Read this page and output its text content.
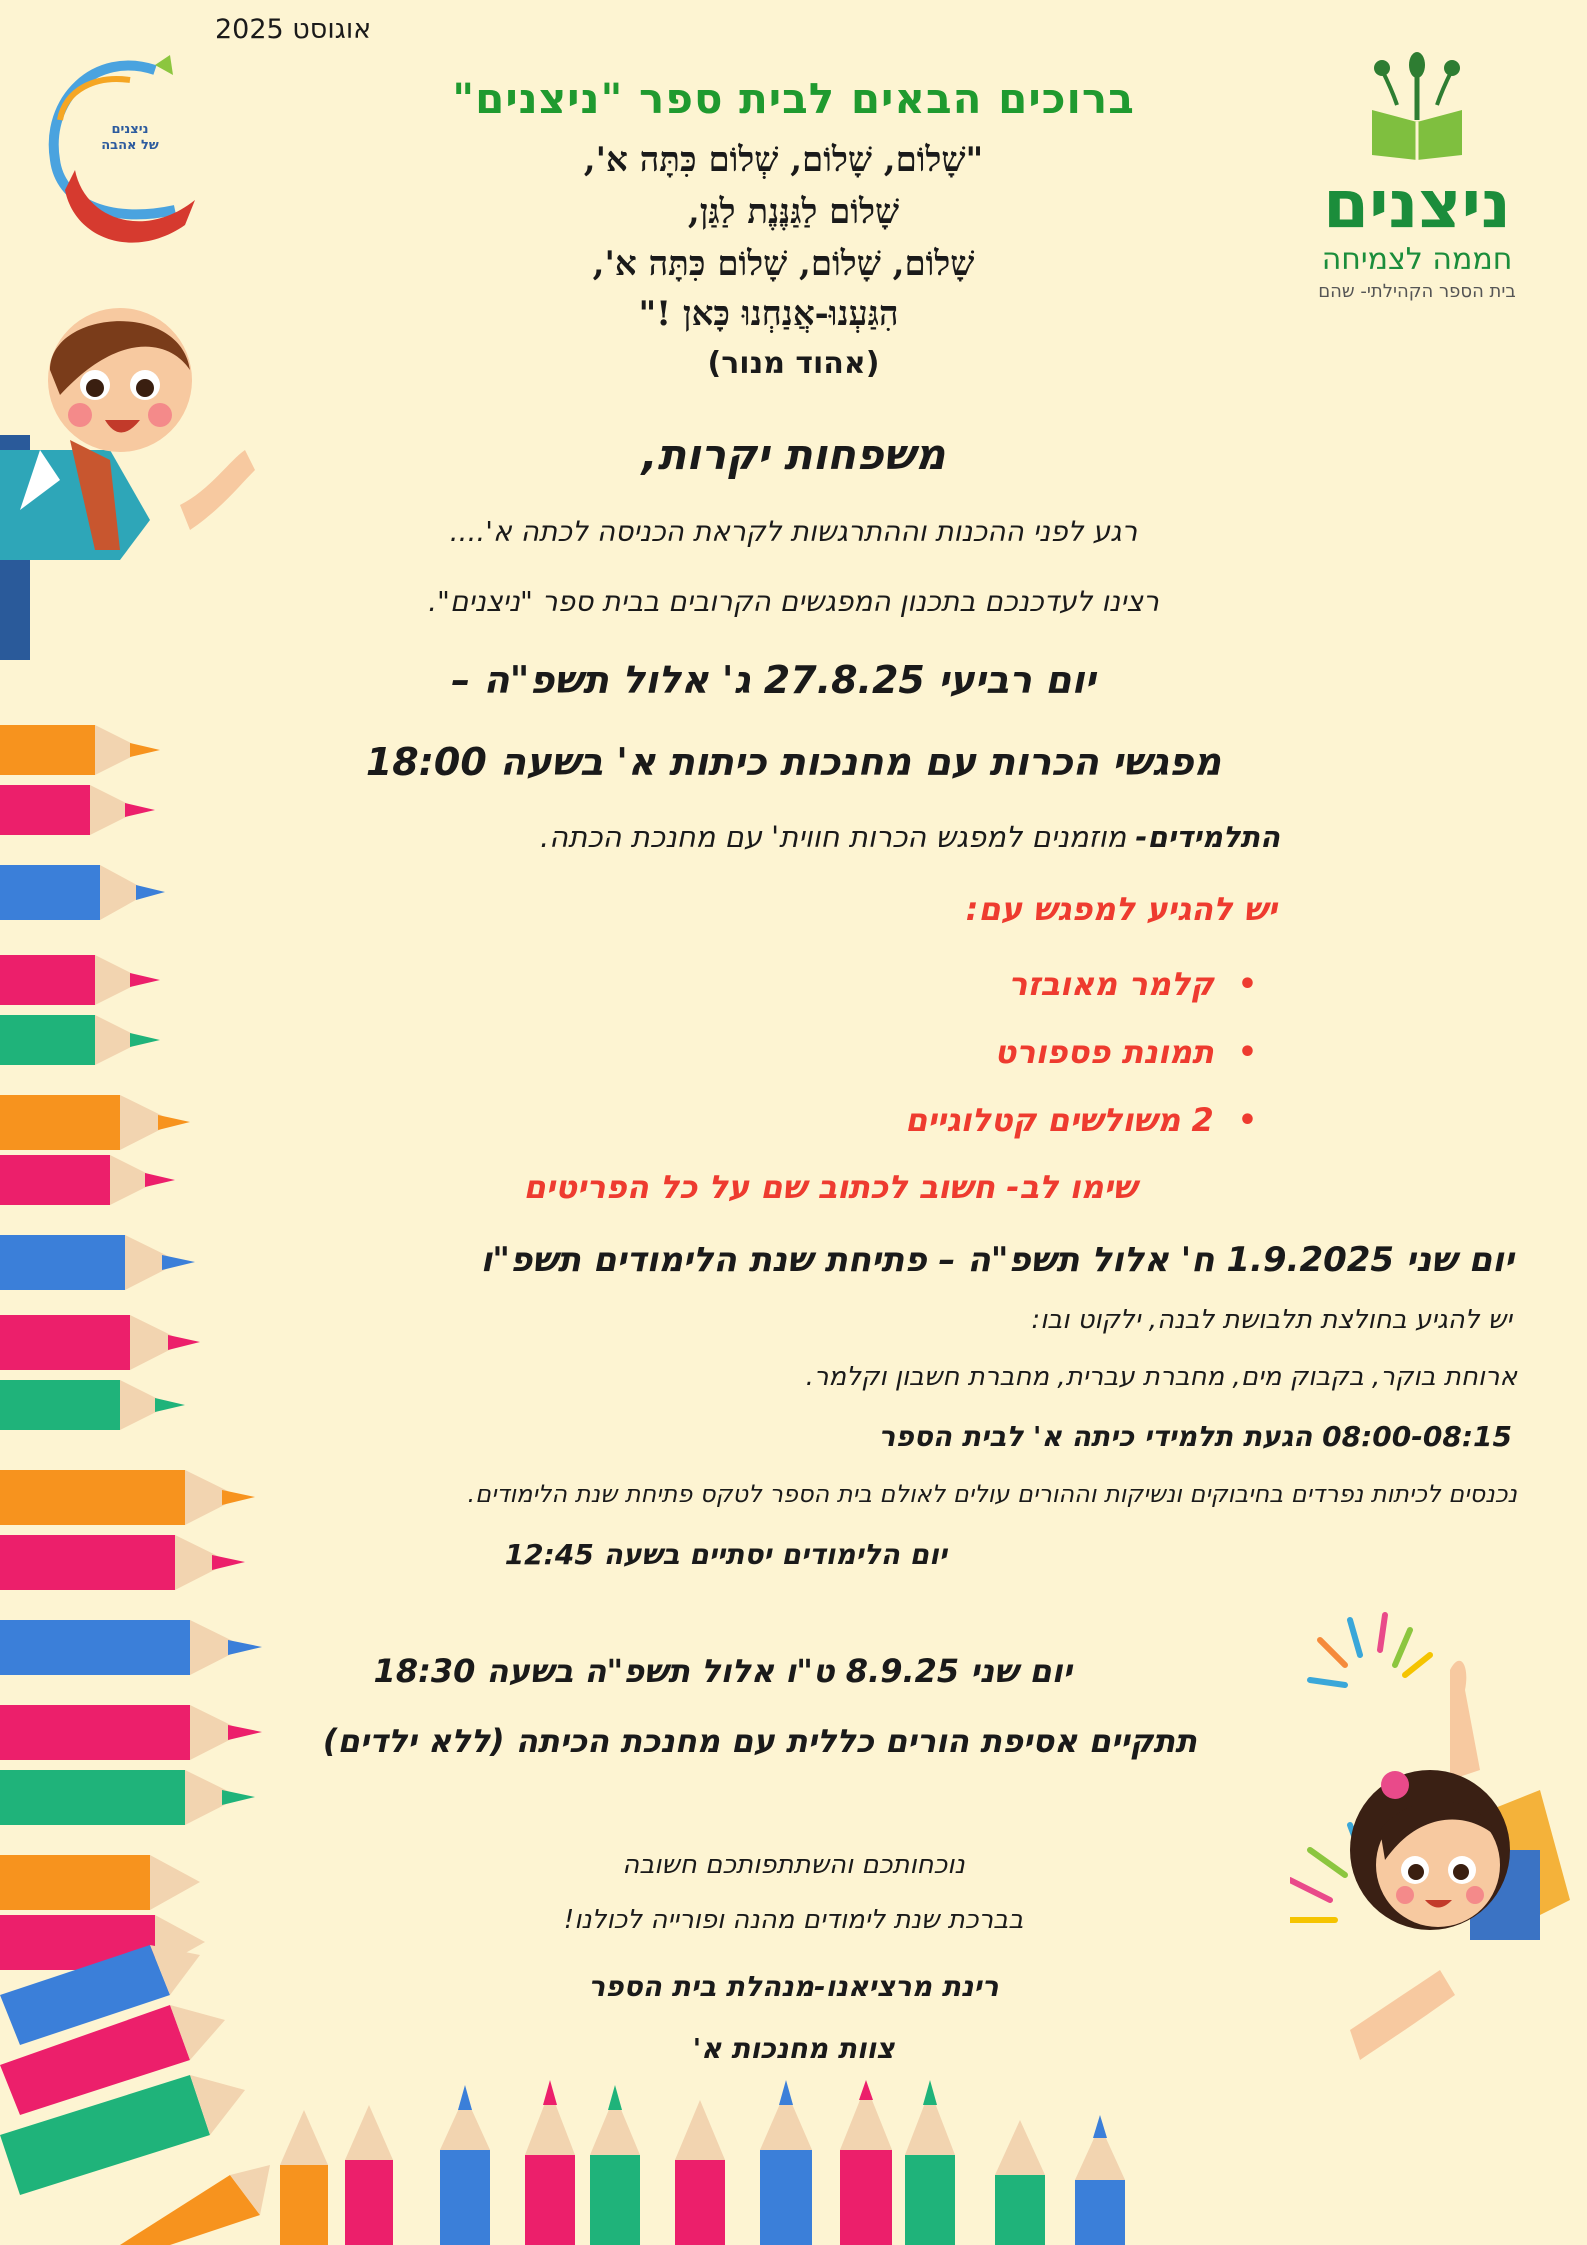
אוגוסט 2025
ניצנים
של אהבה
ניצנים
חממה לצמיחה
בית הספר הקהילתי- שהם
ברוכים הבאים לבית ספר "ניצנים"
"שָׁלוֹם, שָׁלוֹם, שְׁלוֹם כִּתָּה א',
שָׁלוֹם לַגַּנֶּנֶת לַגַּן,
שָׁלוֹם, שָׁלוֹם, שָׁלוֹם כִּתָּה א',
הִגַּעְנוּ-אֲנַחְנוּ כָּאן !"
(אהוד מנור)
משפחות יקרות,
רגע לפני ההכנות וההתרגשות לקראת הכניסה לכתה א'....
רצינו לעדכנכם בתכנון המפגשים הקרובים בבית ספר "ניצנים".
יום רביעי 27.8.25 ג' אלול תשפ"ה –
מפגשי הכרות עם מחנכות כיתות א' בשעה 18:00
התלמידים- מוזמנים למפגש הכרות חווית' עם מחנכת הכתה.
יש להגיע למפגש עם:
• קלמר מאובזר
• תמונת פספורט
• 2 משולשים קטלוגיים
שימו לב- חשוב לכתוב שם על כל הפריטים
יום שני 1.9.2025 ח' אלול תשפ"ה – פתיחת שנת הלימודים תשפ"ו
יש להגיע בחולצת תלבושת לבנה, ילקוט ובו:
ארוחת בוקר, בקבוק מים, מחברת עברית, מחברת חשבון וקלמר.
08:00-08:15 הגעת תלמידי כיתה א' לבית הספר
נכנסים לכיתות נפרדים בחיבוקים ונשיקות וההורים עולים לאולם בית הספר לטקס פתיחת שנת הלימודים.
יום הלימודים יסתיים בשעה 12:45
יום שני 8.9.25 ט"ו אלול תשפ"ה בשעה 18:30
תתקיים אסיפת הורים כללית עם מחנכת הכיתה (ללא ילדים)
נוכחותכם והשתתפותכם חשובה
בברכת שנת לימודים מהנה ופורייה לכולנו!
רינת מרציאנו-מנהלת בית הספר
צוות מחנכות א'
